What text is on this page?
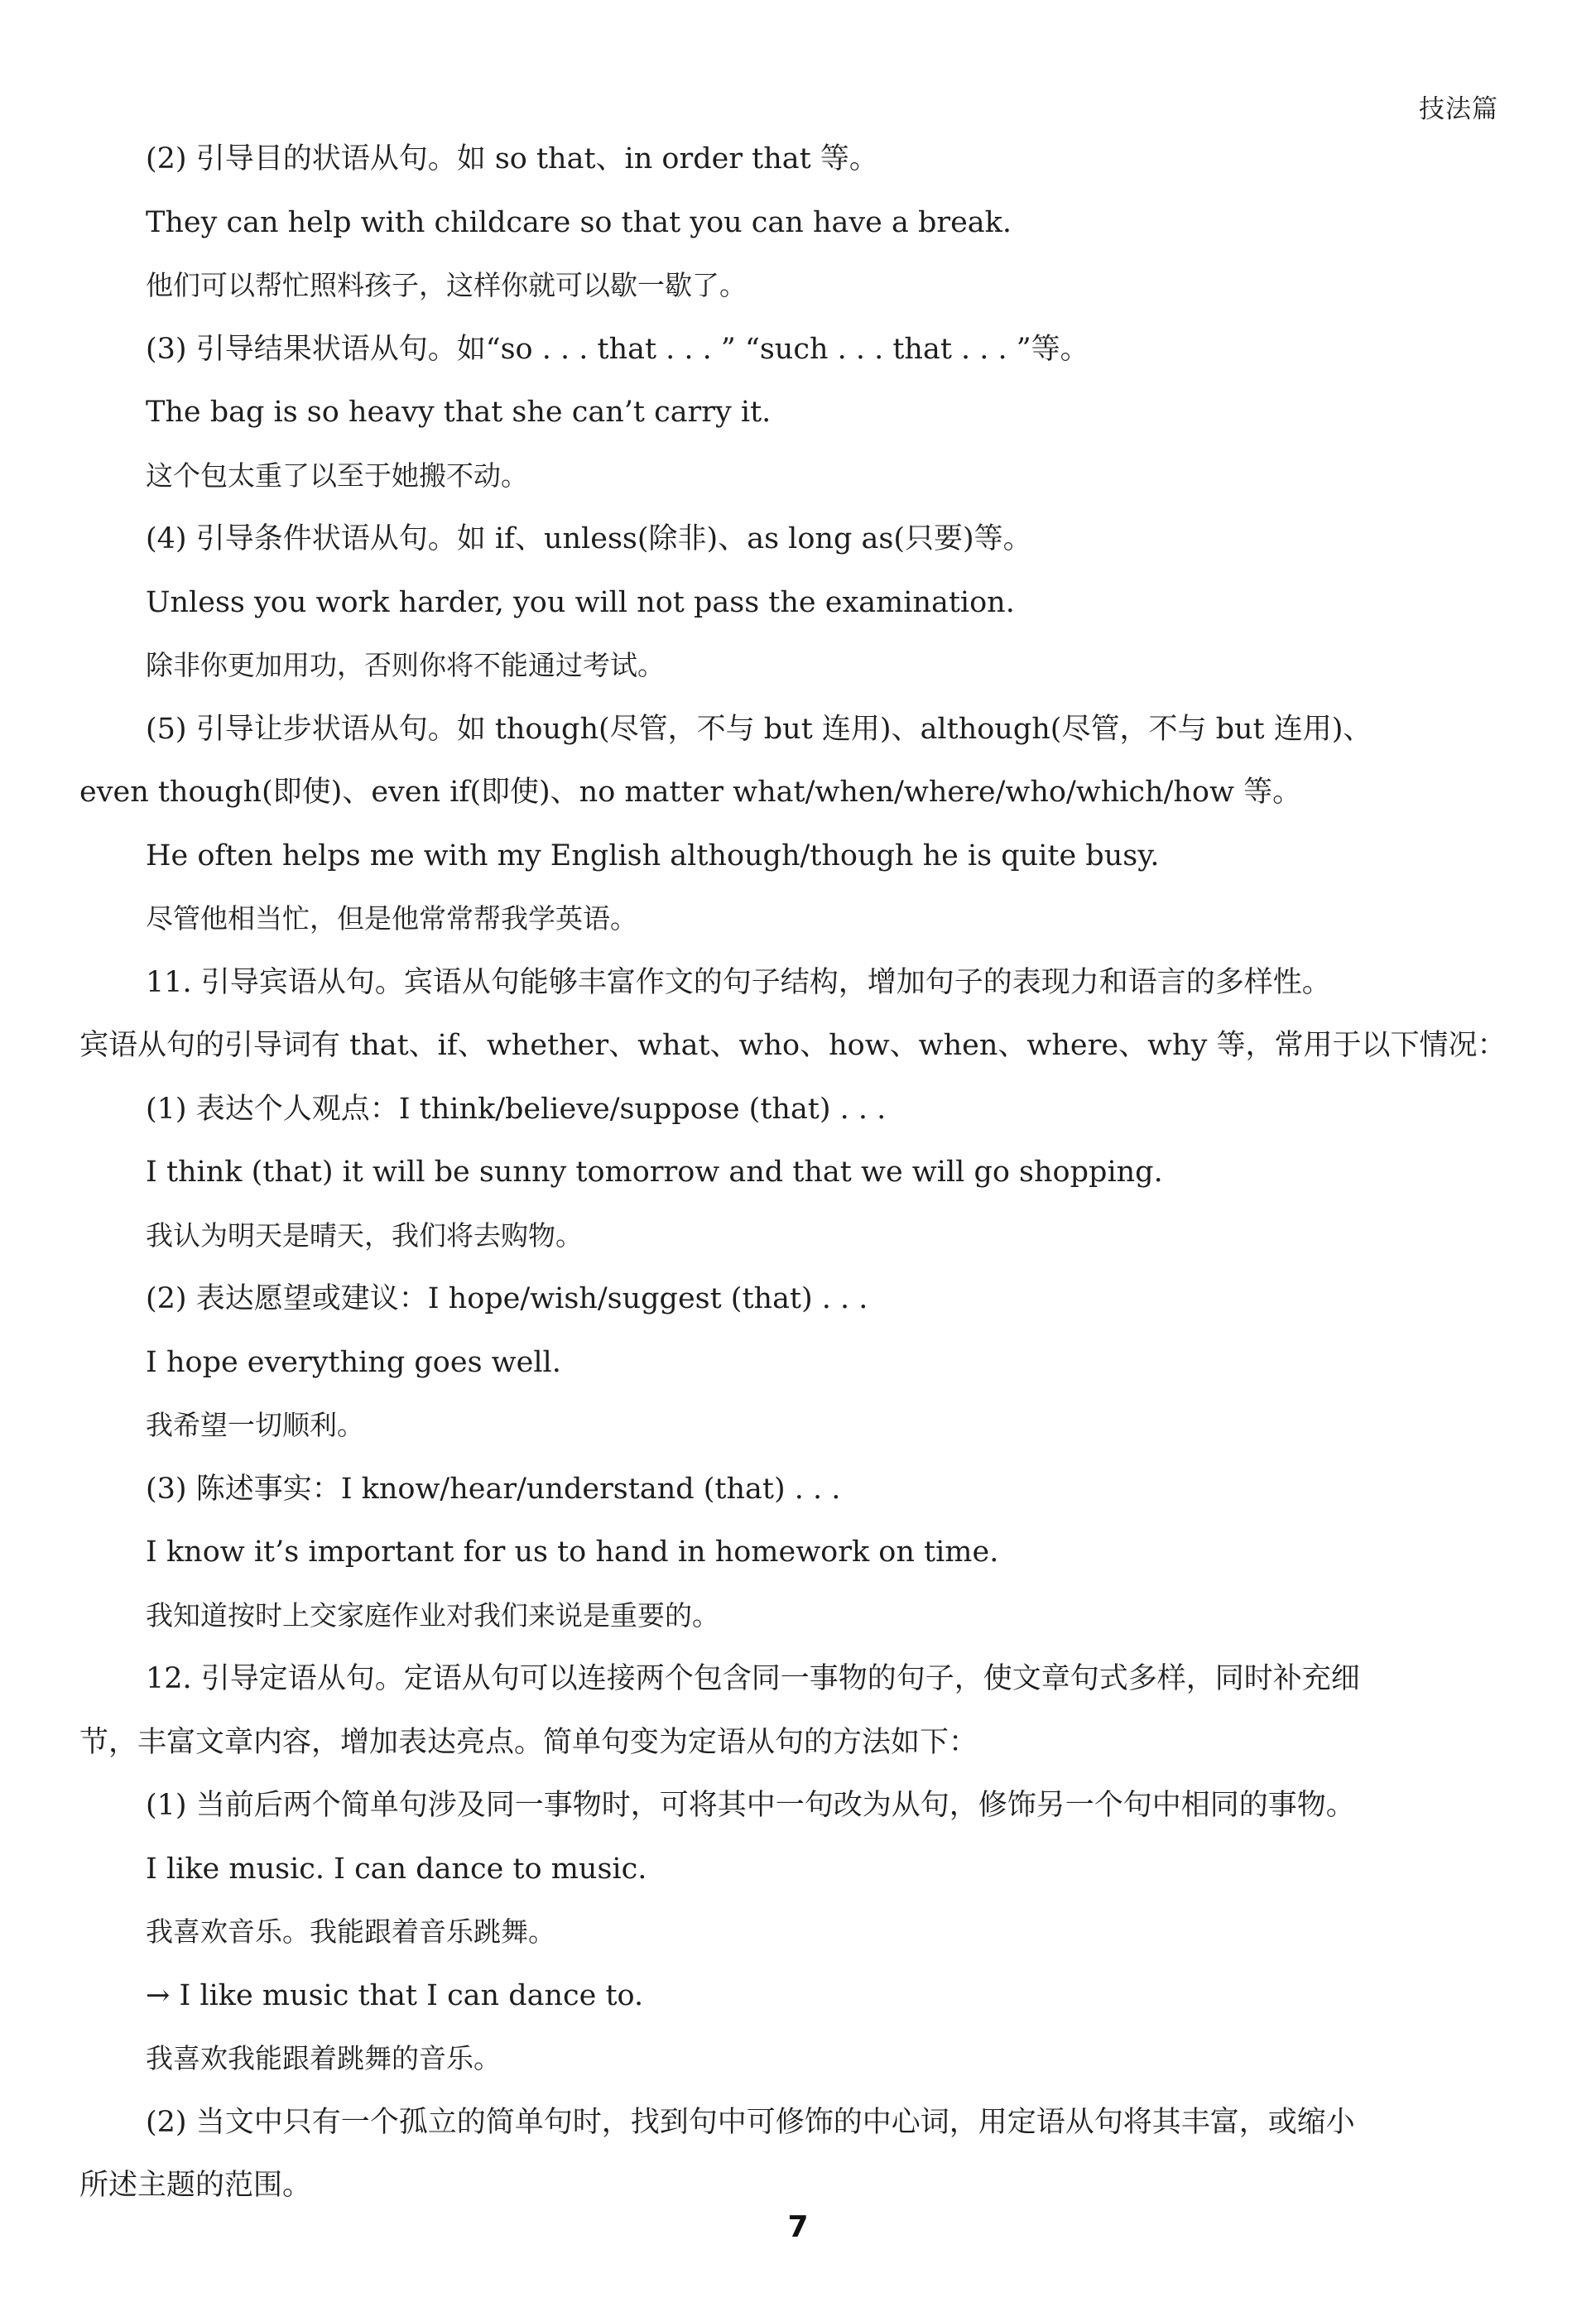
技法篇
(2) 引导目的状语从句。如 so that、in order that 等。
They can help with childcare so that you can have a break.
他们可以帮忙照料孩子，这样你就可以歇一歇了。
(3) 引导结果状语从句。如“so . . . that . . . ” “such . . . that . . . ”等。
The bag is so heavy that she can’t carry it.
这个包太重了以至于她搬不动。
(4) 引导条件状语从句。如 if、unless(除非)、as long as(只要)等。
Unless you work harder, you will not pass the examination.
除非你更加用功，否则你将不能通过考试。
(5) 引导让步状语从句。如 though(尽管，不与 but 连用)、although(尽管，不与 but 连用)、
even though(即使)、even if(即使)、no matter what/when/where/who/which/how 等。
He often helps me with my English although/though he is quite busy.
尽管他相当忙，但是他常常帮我学英语。
11. 引导宾语从句。宾语从句能够丰富作文的句子结构，增加句子的表现力和语言的多样性。
宾语从句的引导词有 that、if、whether、what、who、how、when、where、why 等，常用于以下情况：
(1) 表达个人观点：I think/believe/suppose (that) . . .
I think (that) it will be sunny tomorrow and that we will go shopping.
我认为明天是晴天，我们将去购物。
(2) 表达愿望或建议：I hope/wish/suggest (that) . . .
I hope everything goes well.
我希望一切顺利。
(3) 陈述事实：I know/hear/understand (that) . . .
I know it’s important for us to hand in homework on time.
我知道按时上交家庭作业对我们来说是重要的。
12. 引导定语从句。定语从句可以连接两个包含同一事物的句子，使文章句式多样，同时补充细
节，丰富文章内容，增加表达亮点。简单句变为定语从句的方法如下：
(1) 当前后两个简单句涉及同一事物时，可将其中一句改为从句，修饰另一个句中相同的事物。
I like music. I can dance to music.
我喜欢音乐。我能跟着音乐跳舞。
→ I like music that I can dance to.
我喜欢我能跟着跳舞的音乐。
(2) 当文中只有一个孤立的简单句时，找到句中可修饰的中心词，用定语从句将其丰富，或缩小
所述主题的范围。
7
